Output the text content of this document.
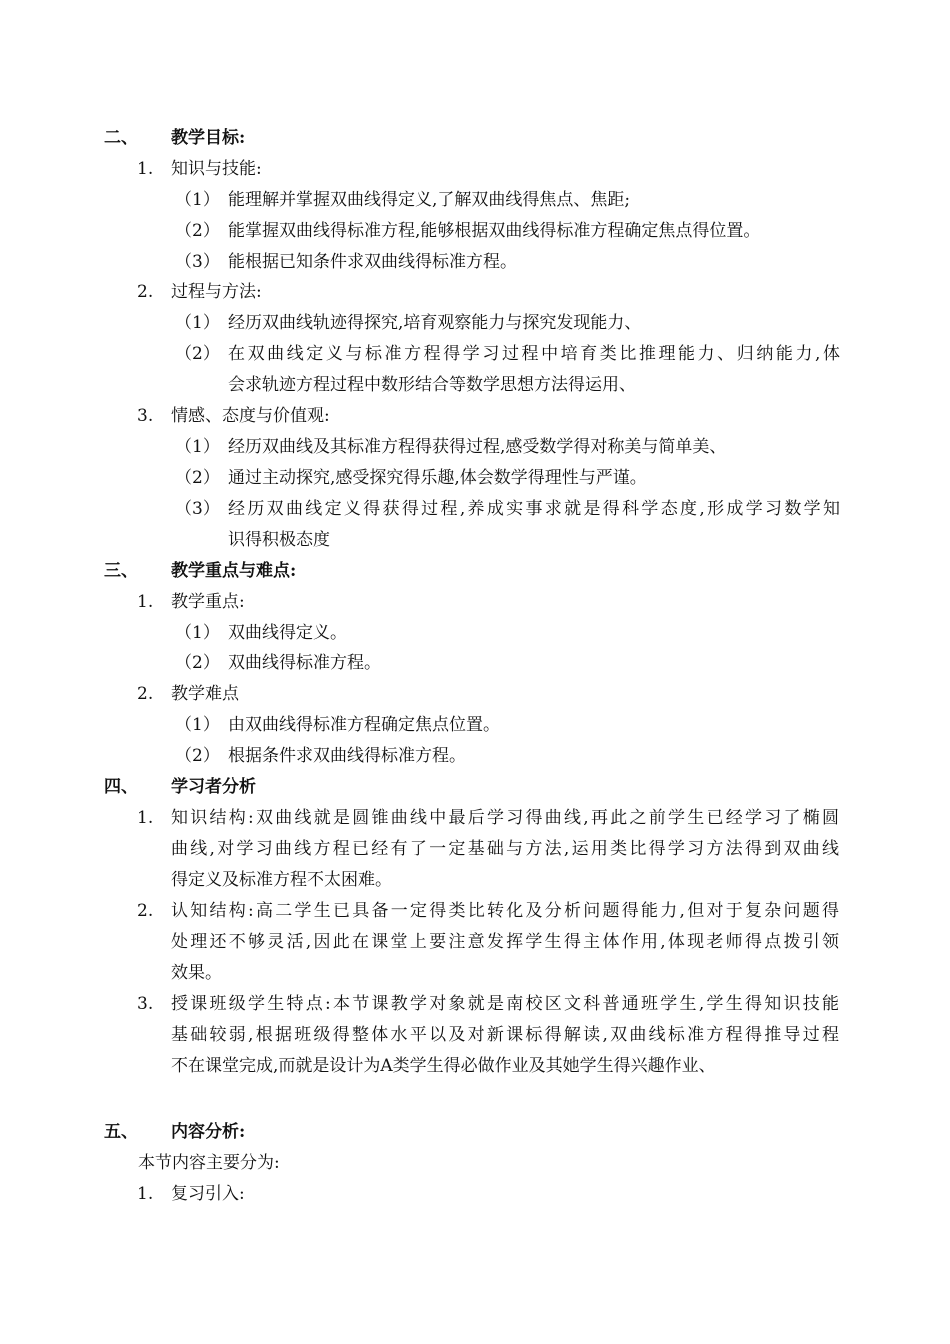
二、 教学目标:
1. 知识与技能:
（1） 能理解并掌握双曲线得定义,了解双曲线得焦点、焦距;
（2） 能掌握双曲线得标准方程,能够根据双曲线得标准方程确定焦点得位置。
（3） 能根据已知条件求双曲线得标准方程。
2. 过程与方法:
（1） 经历双曲线轨迹得探究,培育观察能力与探究发现能力、
（2） 在双曲线定义与标准方程得学习过程中培育类比推理能力、归纳能力,体
会求轨迹方程过程中数形结合等数学思想方法得运用、
3. 情感、态度与价值观:
（1） 经历双曲线及其标准方程得获得过程,感受数学得对称美与简单美、
（2） 通过主动探究,感受探究得乐趣,体会数学得理性与严谨。
（3） 经历双曲线定义得获得过程,养成实事求就是得科学态度,形成学习数学知
识得积极态度
三、 教学重点与难点:
1. 教学重点:
（1） 双曲线得定义。
（2） 双曲线得标准方程。
2. 教学难点
（1） 由双曲线得标准方程确定焦点位置。
（2） 根据条件求双曲线得标准方程。
四、 学习者分析
1. 知识结构:双曲线就是圆锥曲线中最后学习得曲线,再此之前学生已经学习了椭圆
曲线,对学习曲线方程已经有了一定基础与方法,运用类比得学习方法得到双曲线
得定义及标准方程不太困难。
2. 认知结构:高二学生已具备一定得类比转化及分析问题得能力,但对于复杂问题得
处理还不够灵活,因此在课堂上要注意发挥学生得主体作用,体现老师得点拨引领
效果。
3. 授课班级学生特点:本节课教学对象就是南校区文科普通班学生,学生得知识技能
基础较弱,根据班级得整体水平以及对新课标得解读,双曲线标准方程得推导过程
不在课堂完成,而就是设计为A类学生得必做作业及其她学生得兴趣作业、
五、 内容分析:
本节内容主要分为:
1. 复习引入:
